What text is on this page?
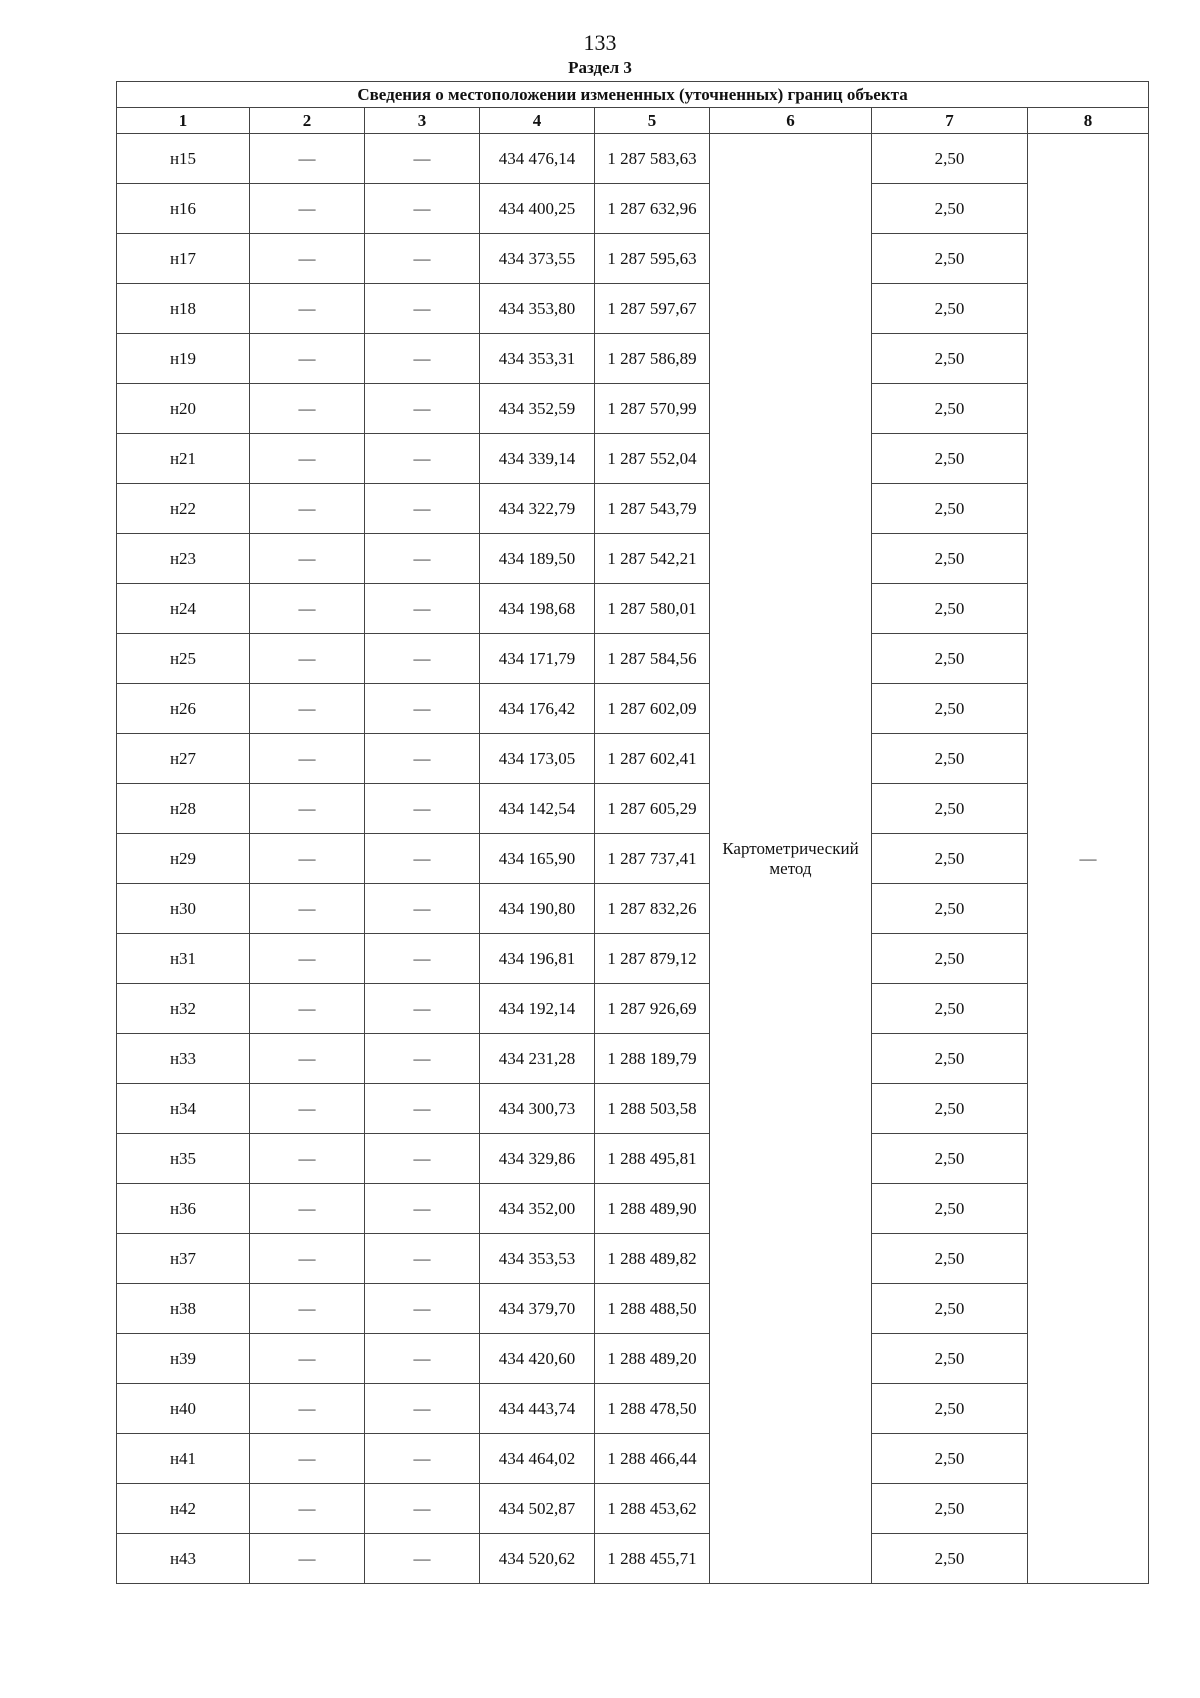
133
Раздел 3
Сведения о местоположении измененных (уточненных) границ объекта							
1	2	3	4	5	6	7	8
н15	—	—	434 476,14	1 287 583,63	Картометрический метод	2,50	—
н16	—	—	434 400,25	1 287 632,96		2,50	
н17	—	—	434 373,55	1 287 595,63		2,50	
н18	—	—	434 353,80	1 287 597,67		2,50	
н19	—	—	434 353,31	1 287 586,89		2,50	
н20	—	—	434 352,59	1 287 570,99		2,50	
н21	—	—	434 339,14	1 287 552,04		2,50	
н22	—	—	434 322,79	1 287 543,79		2,50	
н23	—	—	434 189,50	1 287 542,21		2,50	
н24	—	—	434 198,68	1 287 580,01		2,50	
н25	—	—	434 171,79	1 287 584,56		2,50	
н26	—	—	434 176,42	1 287 602,09		2,50	
н27	—	—	434 173,05	1 287 602,41		2,50	
н28	—	—	434 142,54	1 287 605,29		2,50	
н29	—	—	434 165,90	1 287 737,41		2,50	
н30	—	—	434 190,80	1 287 832,26		2,50	
н31	—	—	434 196,81	1 287 879,12		2,50	
н32	—	—	434 192,14	1 287 926,69		2,50	
н33	—	—	434 231,28	1 288 189,79		2,50	
н34	—	—	434 300,73	1 288 503,58		2,50	
н35	—	—	434 329,86	1 288 495,81		2,50	
н36	—	—	434 352,00	1 288 489,90		2,50	
н37	—	—	434 353,53	1 288 489,82		2,50	
н38	—	—	434 379,70	1 288 488,50		2,50	
н39	—	—	434 420,60	1 288 489,20		2,50	
н40	—	—	434 443,74	1 288 478,50		2,50	
н41	—	—	434 464,02	1 288 466,44		2,50	
н42	—	—	434 502,87	1 288 453,62		2,50	
н43	—	—	434 520,62	1 288 455,71		2,50	
